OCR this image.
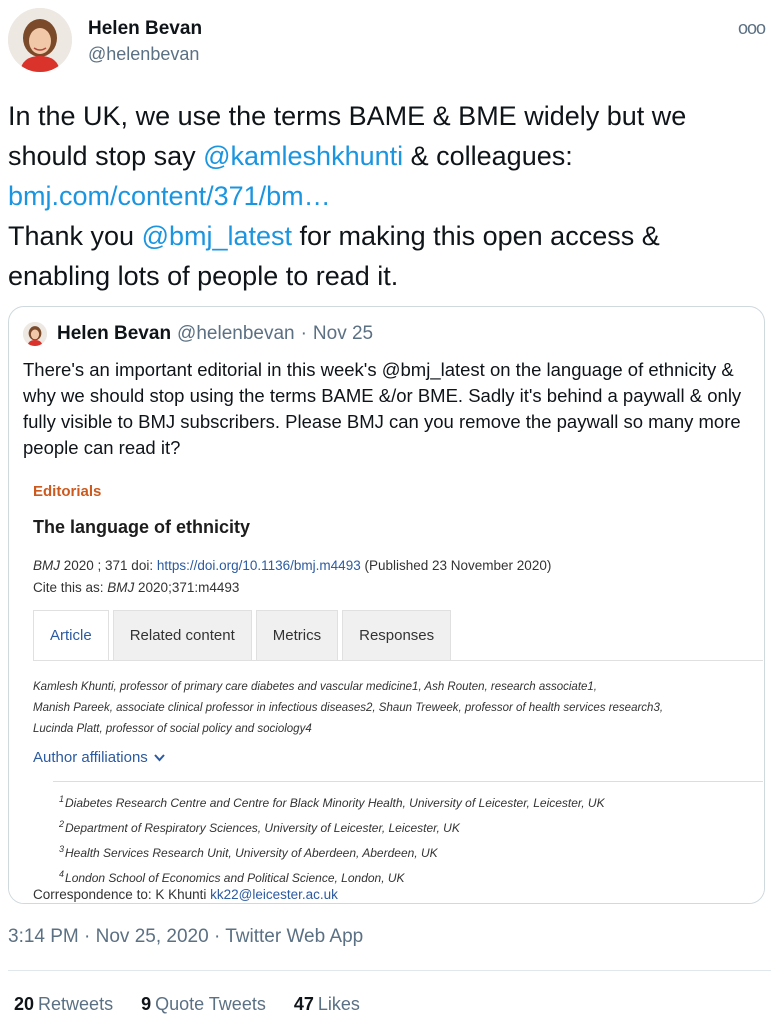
Helen Bevan
@helenbevan
ooo
In the UK, we use the terms BAME & BME widely but we
should stop say @kamleshkhunti & colleagues:
bmj.com/content/371/bm…
Thank you @bmj_latest for making this open access &
enabling lots of people to read it.
Helen Bevan @helenbevan · Nov 25
There's an important editorial in this week's @bmj_latest on the language of ethnicity & why we should stop using the terms BAME &/or BME. Sadly it's behind a paywall & only fully visible to BMJ subscribers. Please BMJ can you remove the paywall so many more people can read it?
Editorials
The language of ethnicity
BMJ 2020 ; 371 doi: https://doi.org/10.1136/bmj.m4493 (Published 23 November 2020)
Cite this as: BMJ 2020;371:m4493
Article	Related content	Metrics	Responses
Kamlesh Khunti, professor of primary care diabetes and vascular medicine1, Ash Routen, research associate1,
Manish Pareek, associate clinical professor in infectious diseases2, Shaun Treweek, professor of health services research3,
Lucinda Platt, professor of social policy and sociology4
Author affiliations
$^1$Diabetes Research Centre and Centre for Black Minority Health, University of Leicester, Leicester, UK
$^2$Department of Respiratory Sciences, University of Leicester, Leicester, UK
$^3$Health Services Research Unit, University of Aberdeen, Aberdeen, UK
$^4$London School of Economics and Political Science, London, UK
Correspondence to: K Khunti kk22@leicester.ac.uk
3:14 PM · Nov 25, 2020 · Twitter Web App
20 Retweets 9 Quote Tweets 47 Likes
